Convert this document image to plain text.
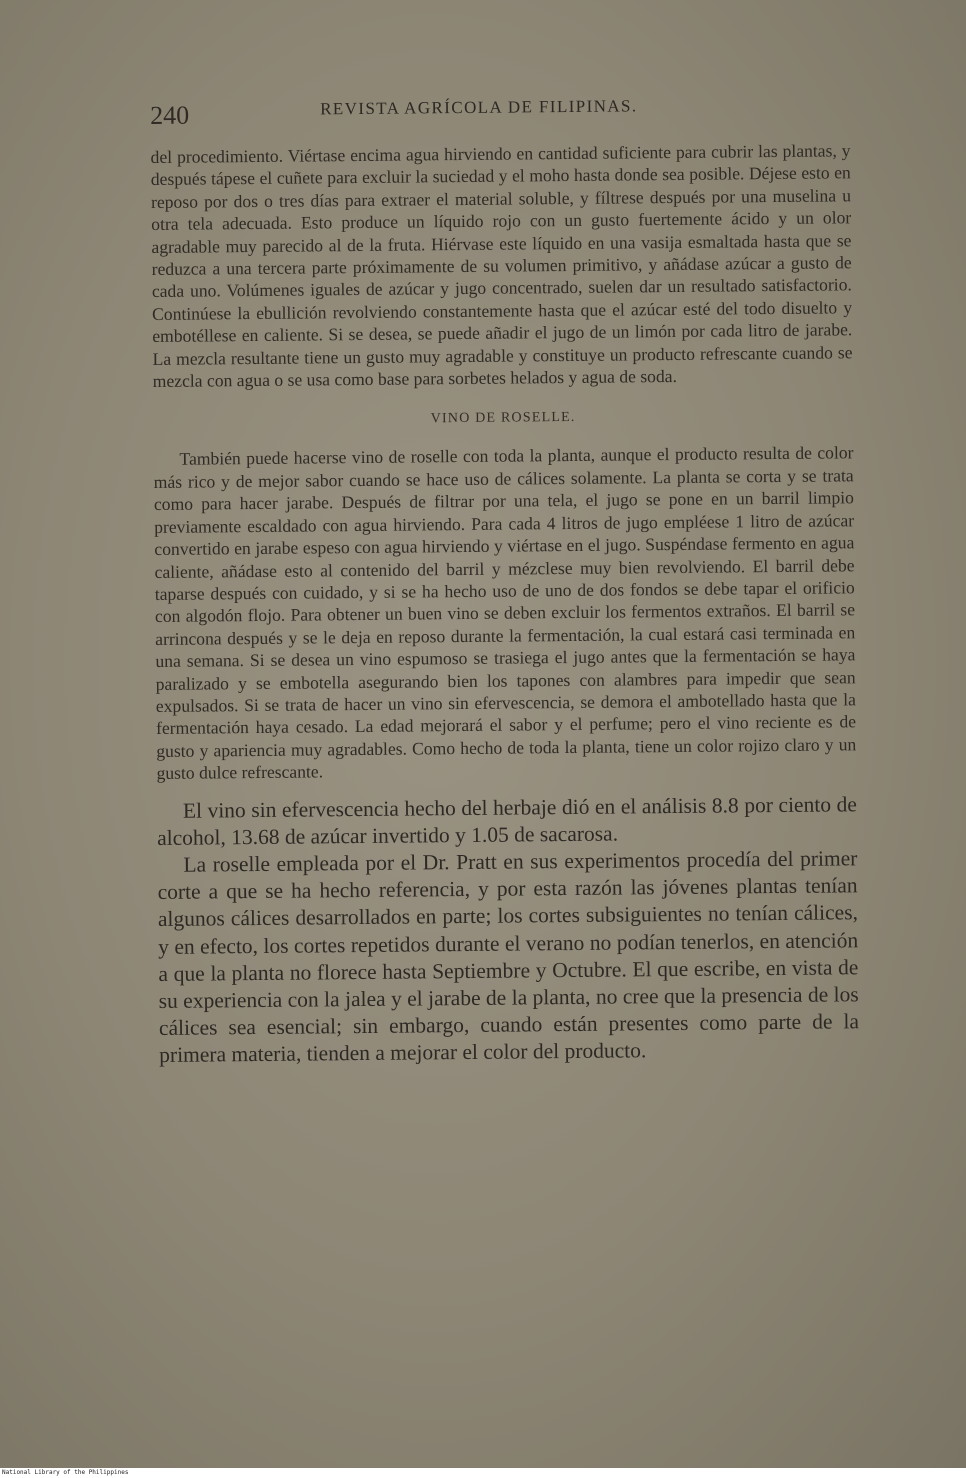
240	REVISTA AGRÍCOLA DE FILIPINAS.

del procedimiento. Viértase encima agua hirviendo en cantidad suficiente para cubrir las plantas, y después tápese el cuñete para excluir la suciedad y el moho hasta donde sea posible. Déjese esto en reposo por dos o tres días para extraer el material soluble, y fíltrese después por una muselina u otra tela adecuada. Esto produce un líquido rojo con un gusto fuertemente ácido y un olor agradable muy parecido al de la fruta. Hiérvase este líquido en una vasija esmaltada hasta que se reduzca a una tercera parte próximamente de su volumen primitivo, y añádase azúcar a gusto de cada uno. Volúmenes iguales de azúcar y jugo concentrado, suelen dar un resultado satisfactorio. Continúese la ebullición revolviendo constantemente hasta que el azúcar esté del todo disuelto y embotéllese en caliente. Si se desea, se puede añadir el jugo de un limón por cada litro de jarabe. La mezcla resultante tiene un gusto muy agradable y constituye un producto refrescante cuando se mezcla con agua o se usa como base para sorbetes helados y agua de soda.

VINO DE ROSELLE.

También puede hacerse vino de roselle con toda la planta, aunque el producto resulta de color más rico y de mejor sabor cuando se hace uso de cálices solamente. La planta se corta y se trata como para hacer jarabe. Después de filtrar por una tela, el jugo se pone en un barril limpio previamente escaldado con agua hirviendo. Para cada 4 litros de jugo empléese 1 litro de azúcar convertido en jarabe espeso con agua hirviendo y viértase en el jugo. Suspéndase fermento en agua caliente, añádase esto al contenido del barril y mézclese muy bien revolviendo. El barril debe taparse después con cuidado, y si se ha hecho uso de uno de dos fondos se debe tapar el orificio con algodón flojo. Para obtener un buen vino se deben excluir los fermentos extraños. El barril se arrincona después y se le deja en reposo durante la fermentación, la cual estará casi terminada en una semana. Si se desea un vino espumoso se trasiega el jugo antes que la fermentación se haya paralizado y se embotella asegurando bien los tapones con alambres para impedir que sean expulsados. Si se trata de hacer un vino sin efervescencia, se demora el ambotellado hasta que la fermentación haya cesado. La edad mejorará el sabor y el perfume; pero el vino reciente es de gusto y apariencia muy agradables. Como hecho de toda la planta, tiene un color rojizo claro y un gusto dulce refrescante.

El vino sin efervescencia hecho del herbaje dió en el análisis 8.8 por ciento de alcohol, 13.68 de azúcar invertido y 1.05 de sacarosa.

La roselle empleada por el Dr. Pratt en sus experimentos procedía del primer corte a que se ha hecho referencia, y por esta razón las jóvenes plantas tenían algunos cálices desarrollados en parte; los cortes subsiguientes no tenían cálices, y en efecto, los cortes repetidos durante el verano no podían tenerlos, en atención a que la planta no florece hasta Septiembre y Octubre. El que escribe, en vista de su experiencia con la jalea y el jarabe de la planta, no cree que la presencia de los cálices sea esencial; sin embargo, cuando están presentes como parte de la primera materia, tienden a mejorar el color del producto.

National Library of the Philippines
